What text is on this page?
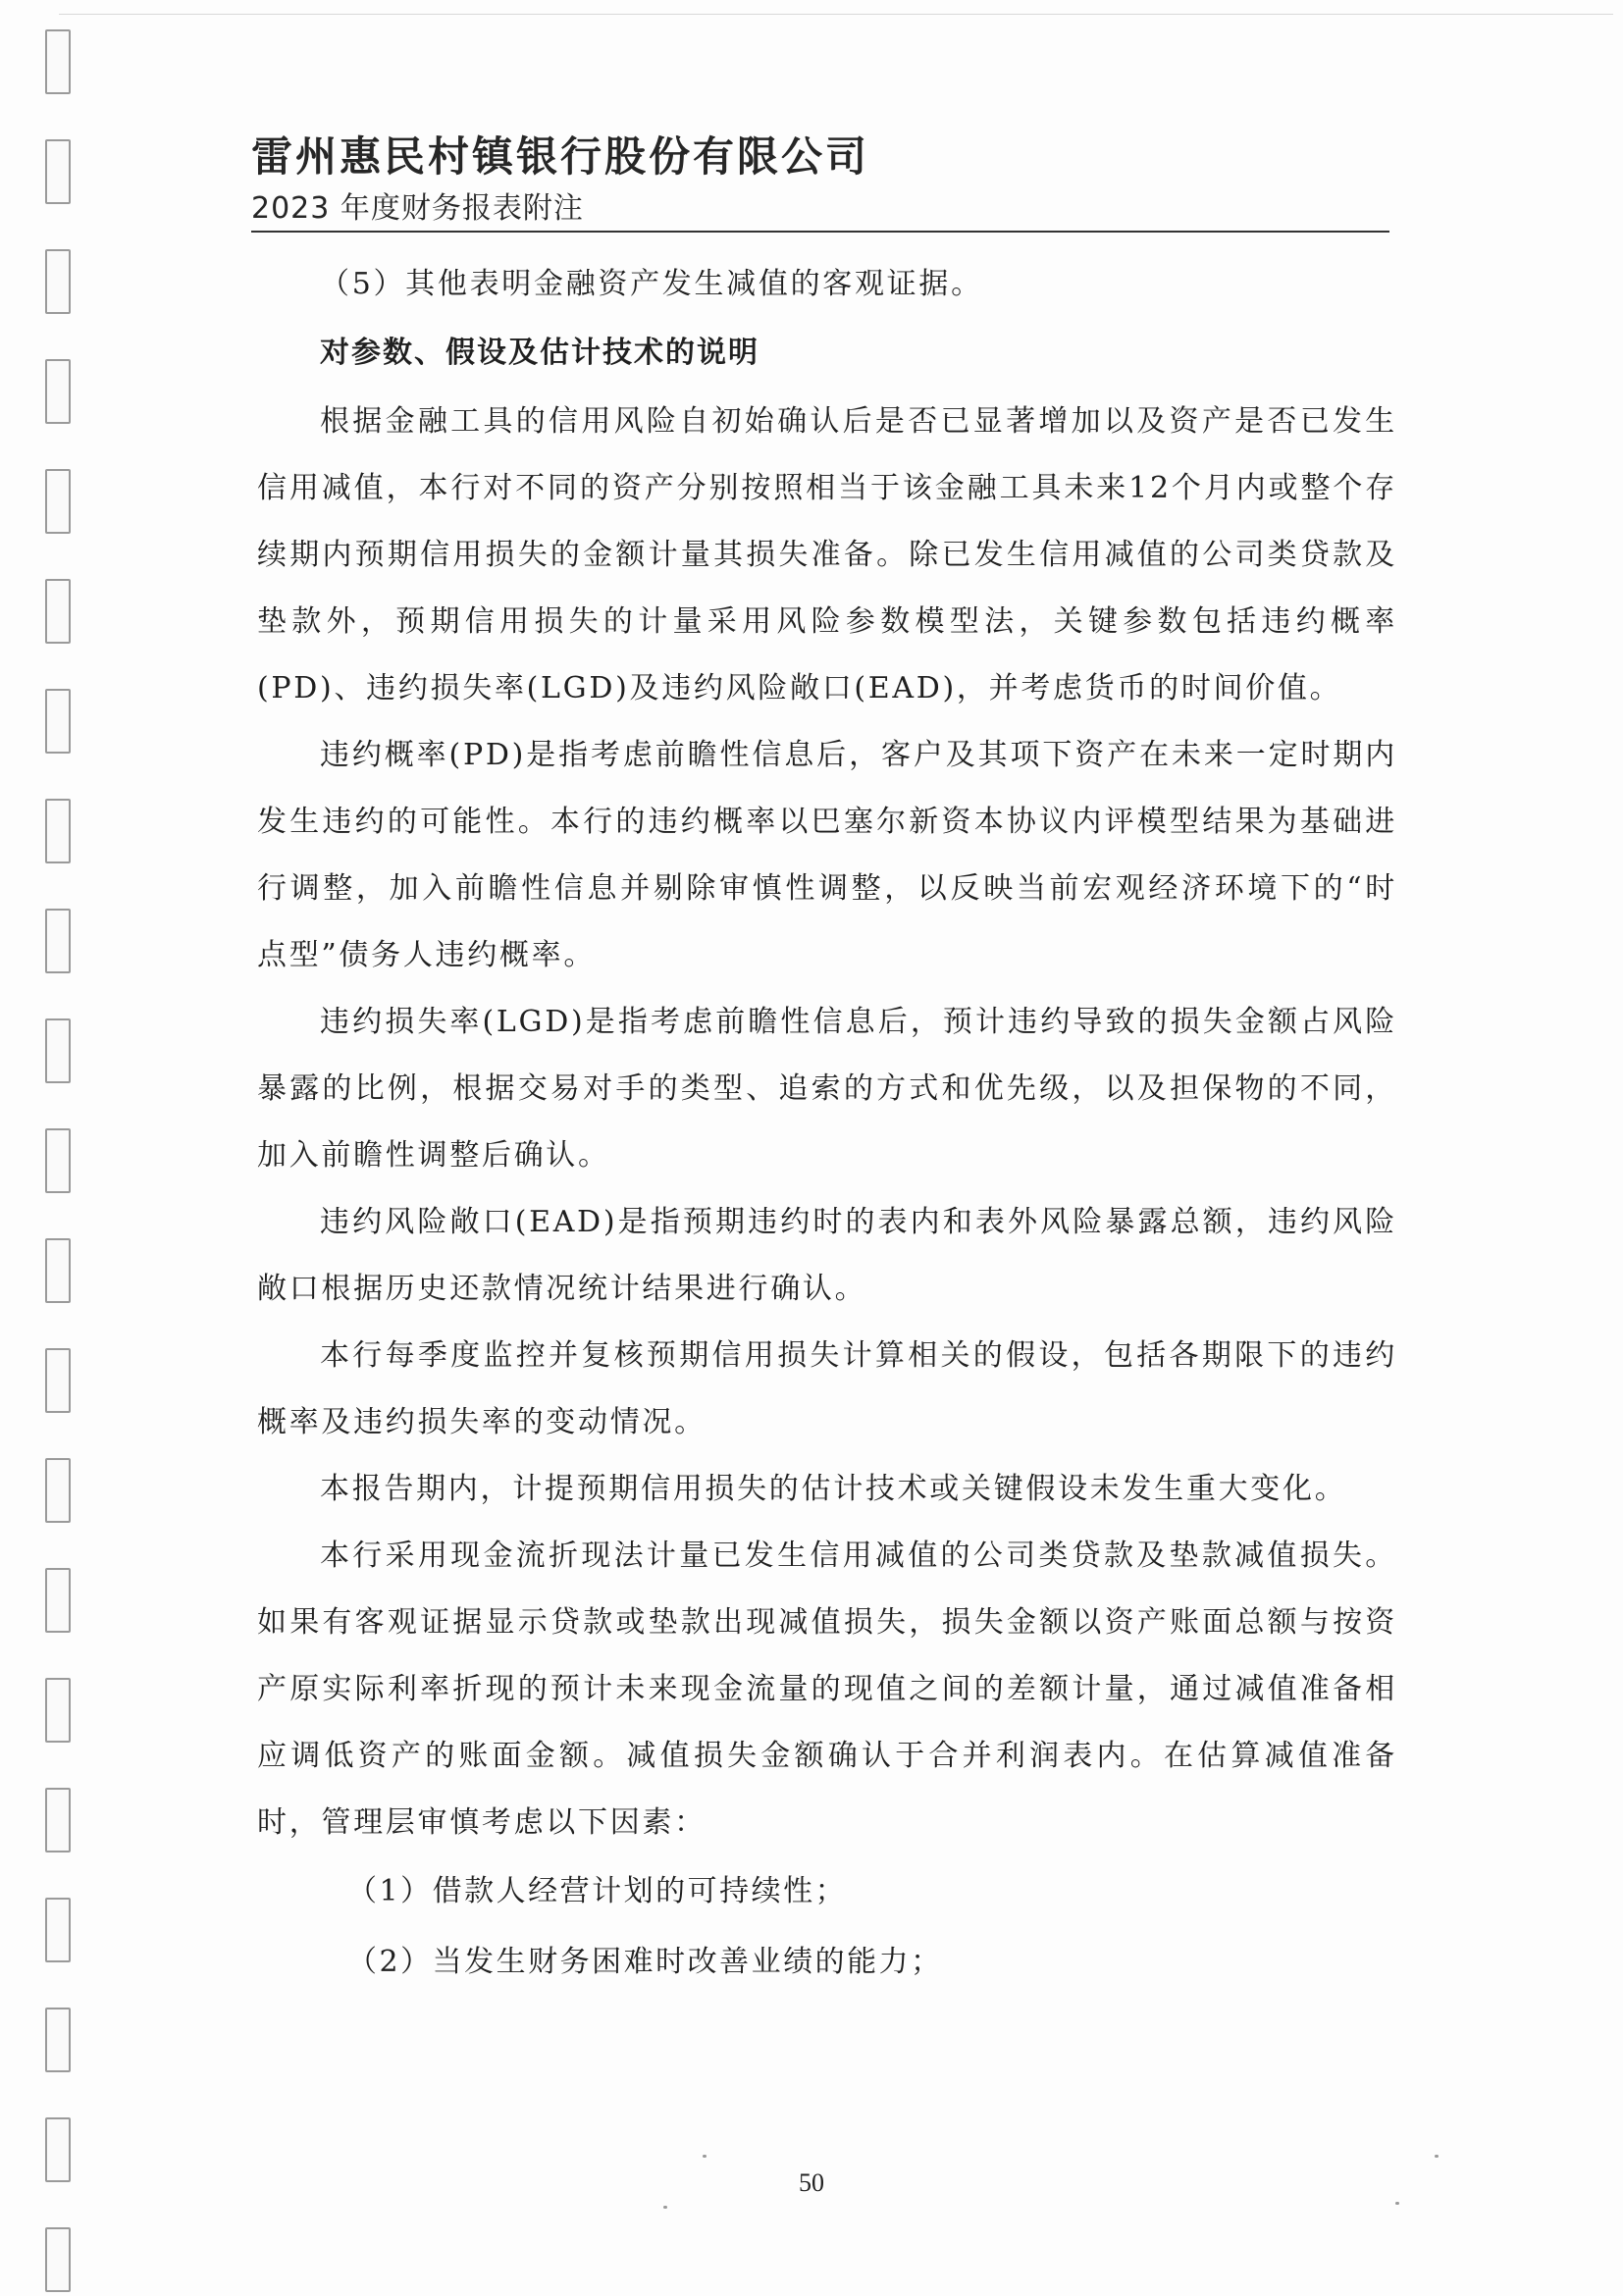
雷州惠民村镇银行股份有限公司
2023 年度财务报表附注

（5）其他表明金融资产发生减值的客观证据。

对参数、假设及估计技术的说明

根据金融工具的信用风险自初始确认后是否已显著增加以及资产是否已发生信用减值，本行对不同的资产分别按照相当于该金融工具未来12个月内或整个存续期内预期信用损失的金额计量其损失准备。除已发生信用减值的公司类贷款及垫款外，预期信用损失的计量采用风险参数模型法，关键参数包括违约概率(PD)、违约损失率(LGD)及违约风险敞口(EAD)，并考虑货币的时间价值。

违约概率(PD)是指考虑前瞻性信息后，客户及其项下资产在未来一定时期内发生违约的可能性。本行的违约概率以巴塞尔新资本协议内评模型结果为基础进行调整，加入前瞻性信息并剔除审慎性调整，以反映当前宏观经济环境下的“时点型”债务人违约概率。

违约损失率(LGD)是指考虑前瞻性信息后，预计违约导致的损失金额占风险暴露的比例，根据交易对手的类型、追索的方式和优先级，以及担保物的不同，加入前瞻性调整后确认。

违约风险敞口(EAD)是指预期违约时的表内和表外风险暴露总额，违约风险敞口根据历史还款情况统计结果进行确认。

本行每季度监控并复核预期信用损失计算相关的假设，包括各期限下的违约概率及违约损失率的变动情况。

本报告期内，计提预期信用损失的估计技术或关键假设未发生重大变化。

本行采用现金流折现法计量已发生信用减值的公司类贷款及垫款减值损失。如果有客观证据显示贷款或垫款出现减值损失，损失金额以资产账面总额与按资产原实际利率折现的预计未来现金流量的现值之间的差额计量，通过减值准备相应调低资产的账面金额。减值损失金额确认于合并利润表内。在估算减值准备时，管理层审慎考虑以下因素：

（1）借款人经营计划的可持续性；

（2）当发生财务困难时改善业绩的能力；

50
